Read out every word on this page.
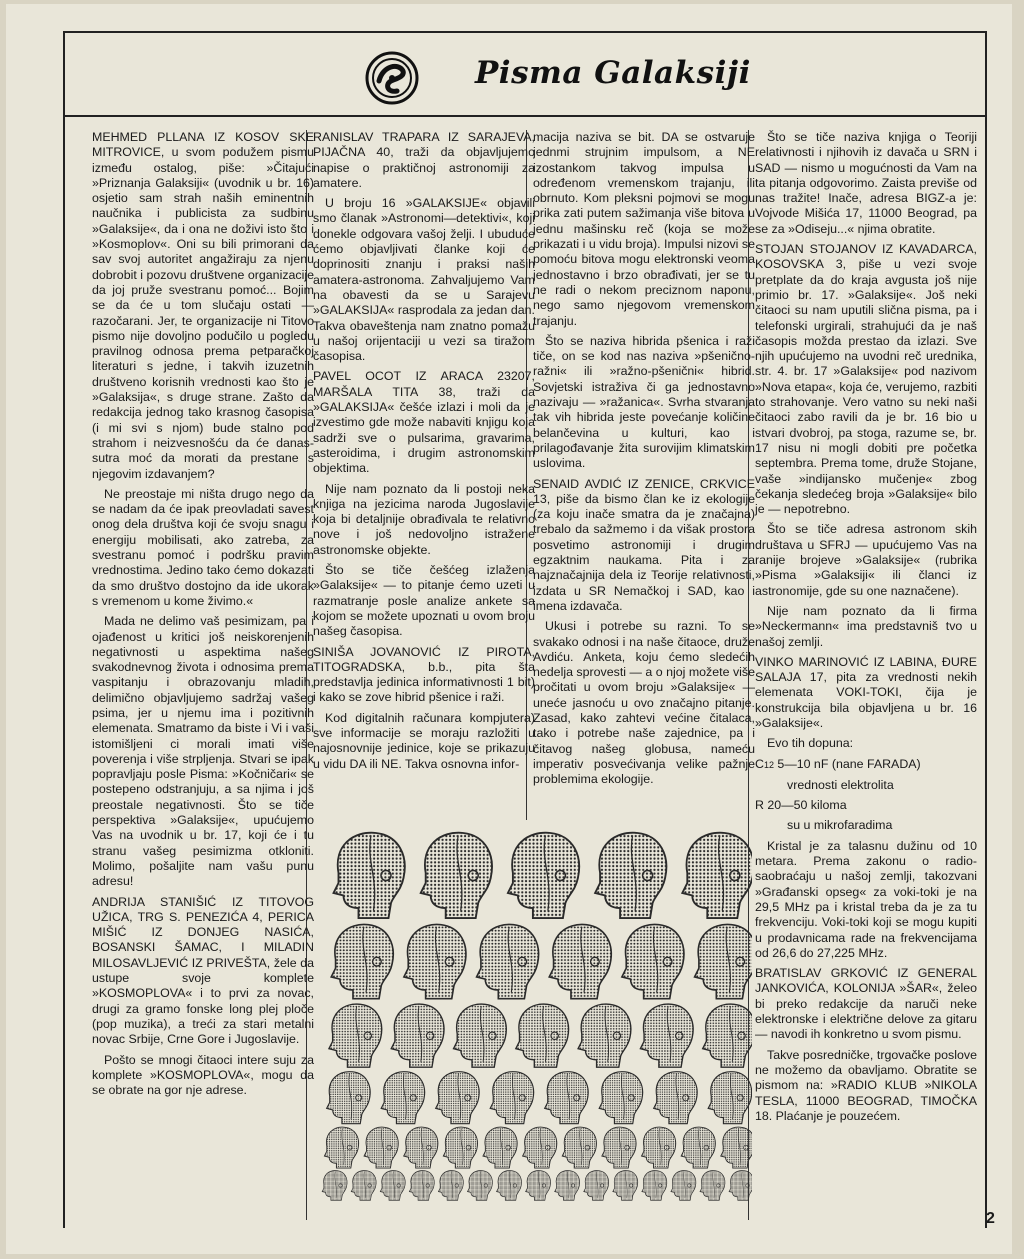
Pisma Galaksiji

MEHMED PLLANA IZ KOSOV SKE MITROVICE, u svom podužem pismu između ostalog, piše: »Čitajući »Priznanja Galaksiji« (uvodnik u br. 16) osjetio sam strah naših eminentnih naučnika i publicista za sudbinu »Galaksije«, da i ona ne doživi isto što i »Kosmoplov«. Oni su bili primorani da sav svoj autoritet angažiraju za njenu dobrobit i pozovu društvene organizacije da joj pruže svestranu pomoć... Bojim se da će u tom slučaju ostati — razočarani. Jer, te organizacije ni Titovo pismo nije dovoljno podučilo u pogledu pravilnog odnosa prema petparačkoj literaturi s jedne, i takvih izuzetnih društveno korisnih vrednosti kao što je »Galaksija«, s druge strane. Zašto da redakcija jednog tako krasnog časopisa (i mi svi s njom) bude stalno pod strahom i neizvesnošću da će danas-sutra moć da morati da prestane s njegovim izdavanjem?

Ne preostaje mi ništa drugo nego da se nadam da će ipak preovladati savest onog dela društva koji će svoju snagu i energiju mobilisati, ako zatreba, za svestranu pomoć i podršku pravim vrednostima. Jedino tako ćemo dokazati da smo društvo dostojno da ide ukorak s vremenom u kome živimo.«

Mada ne delimo vaš pesimizam, pa i ojađenost u kritici još neiskorenjenih negativnosti u aspektima našeg svakodnevnog života i odnosima prema vaspitanju i obrazovanju mladih, delimično objavljujemo sadržaj vašeg psima, jer u njemu ima i pozitivnih elemenata. Smatramo da biste i Vi i vaši istomišljeni ci morali imati više poverenja i više strpljenja. Stvari se ipak popravljaju posle Pisma: »Kočničari« se postepeno odstranjuju, a sa njima i još preostale negativnosti. Što se tiče perspektiva »Galaksije«, upućujemo Vas na uvodnik u br. 17, koji će i tu stranu vašeg pesimizma otkloniti. Molimo, pošaljite nam vašu punu adresu!

ANDRIJA STANIŠIĆ IZ TITOVOG UŽICA, TRG S. PENEZIĆA 4, PERICA MIŠIĆ IZ DONJEG NASIĆA, BOSANSKI ŠAMAC, I MILADIN MILOSAVLJEVIĆ IZ PRIVEŠTA, žele da ustupe svoje komplete »KOSMOPLOVA« i to prvi za novac, drugi za gramo fonske long plej ploče (pop muzika), a treći za stari metalni novac Srbije, Crne Gore i Jugoslavije.

Pošto se mnogi čitaoci intere suju za komplete »KOSMOPLOVA«, mogu da se obrate na gor nje adrese.

RANISLAV TRAPARA IZ SARAJEVA, PIJAČNA 40, traži da objavljujemo napise o praktičnoj astronomiji za amatere.

U broju 16 »GALAKSIJE« objavili smo članak »Astronomi—detektivi«, koji donekle odgovara vašoj želji. I ubuduće ćemo objavljivati članke koji će doprinositi znanju i praksi naših amatera-astronoma. Zahvaljujemo Vam na obavesti da se u Sarajevu »GALAKSIJA« rasprodala za jedan dan. Takva obaveštenja nam znatno pomažu u našoj orijentaciji u vezi sa tiražom časopisa.

PAVEL OCOT IZ ARACA 23207, MARŠALA TITA 38, traži da »GALAKSIJA« češće izlazi i moli da je izvestimo gde može nabaviti knjigu koja sadrži sve o pulsarima, gravarima, asteroidima, i drugim astronomskim objektima.

Nije nam poznato da li postoji neka knjiga na jezicima naroda Jugoslavije koja bi detaljnije obrađivala te relativno nove i još nedovoljno istražene astronomske objekte.

Što se tiče češćeg izlaženja »Galaksije« — to pitanje ćemo uzeti u razmatranje posle analize ankete sa kojom se možete upoznati u ovom broju našeg časopisa.

SINIŠA JOVANOVIĆ IZ PIROTA, TITOGRADSKA, b.b., pita šta predstavlja jedinica informativnosti 1 bit) i kako se zove hibrid pšenice i raži.

Kod digitalnih računara kompjutera) sve informacije se moraju razložiti u najosnovnije jedinice, koje se prikazuju u vidu DA ili NE. Takva osnovna infor-

macija naziva se bit. DA se ostvaruje jednmi strujnim impulsom, a NE izostankom takvog impulsa u određenom vremenskom trajanju, ili obrnuto. Kom pleksni pojmovi se mogu prika zati putem sažimanja više bitova u jednu mašinsku reč (koja se može prikazati i u vidu broja). Impulsi nizovi se pomoću bitova mogu elektronski veoma jednostavno i brzo obrađivati, jer se tu ne radi o nekom preciznom naponu, nego samo njegovom vremenskom trajanju.

Što se naziva hibrida pšenica i raži tiče, on se kod nas naziva »pšenično-ražni« ili »ražno-pšenični« hibrid. Sovjetski istraživa či ga jednostavno nazivaju — »ražanica«. Svrha stvaranja tak vih hibrida jeste povećanje količine belančevina u kulturi, kao i prilagođavanje žita surovijim klimatskim uslovima.

SENAID AVDIĆ IZ ZENICE, CRKVICE 13, piše da bismo član ke iz ekologije (za koju inače smatra da je značajna) trebalo da sažmemo i da višak prostora posvetimo astronomiji i drugim egzaktnim naukama. Pita i za najznačajnija dela iz Teorije relativnosti, izdata u SR Nemačkoj i SAD, kao i imena izdavača.

Ukusi i potrebe su razni. To se svakako odnosi i na naše čitaoce, druže Avdiću. Anketa, koju ćemo sledećih nedelja sprovesti — a o njoj možete više pročitati u ovom broju »Galaksije« — uneće jasnoću u ovo značajno pitanje. Zasad, kako zahtevi većine čitalaca, tako i potrebe naše zajednice, pa i čitavog našeg globusa, nameću imperativ posvećivanja velike pažnje problemima ekologije.

Što se tiče naziva knjiga o Teoriji relativnosti i njihovih iz davača u SRN i SAD — nismo u mogućnosti da Vam na ta pitanja odgovorimo. Zaista previše od nas tražite! Inače, adresa BIGZ-a je: Vojvode Mišića 17, 11000 Beograd, pa se za »Odiseju...« njima obratite.

STOJAN STOJANOV IZ KAVADARCA, KOSOVSKA 3, piše u vezi svoje pretplate da do kraja avgusta još nije primio br. 17. »Galaksije«. Još neki čitaoci su nam uputili slična pisma, pa i telefonski urgirali, strahujući da je naš časopis možda prestao da izlazi. Sve njih upućujemo na uvodni reč urednika, str. 4. br. 17 »Galaksije« pod nazivom »Nova etapa«, koja će, verujemo, razbiti to strahovanje. Vero vatno su neki naši čitaoci zabo ravili da je br. 16 bio u stvari dvobroj, pa stoga, razume se, br. 17 nisu ni mogli dobiti pre početka septembra. Prema tome, druže Stojane, vaše »indijansko mučenje« zbog čekanja sledećeg broja »Galaksije« bilo je — nepotrebno.

Što se tiče adresa astronom skih društava u SFRJ — upućujemo Vas na ranije brojeve »Galaksije« (rubrika »Pisma »Galaksiji« ili članci iz astronomije, gde su one naznačene).

Nije nam poznato da li firma »Neckermann« ima predstavniš tvo u našoj zemlji.

VINKO MARINOVIĆ IZ LABINA, ĐURE SALAJA 17, pita za vrednosti nekih elemenata VOKI-TOKI, čija je konstrukcija bila objavljena u br. 16 »Galaksije«.

Evo tih dopuna:

C12 5—10 nF (nane FARADA)

vrednosti elektrolita

R 20—50 kiloma

su u mikrofaradima

Kristal je za talasnu dužinu od 10 metara. Prema zakonu o radio-saobraćaju u našoj zemlji, takozvani »Građanski opseg« za voki-toki je na 29,5 MHz pa i kristal treba da je za tu frekvenciju. Voki-toki koji se mogu kupiti u prodavnicama rade na frekvencijama od 26,6 do 27,225 MHz.

BRATISLAV GRKOVIĆ IZ GENERAL JANKOVIĆA, KOLONIJA »ŠAR«, želeo bi preko redakcije da naruči neke elektronske i električne delove za gitaru — navodi ih konkretno u svom pismu.

Takve posredničke, trgovačke poslove ne možemo da obavljamo. Obratite se pismom na: »RADIO KLUB »NIKOLA TESLA, 11000 BEOGRAD, TIMOČKA 18. Plaćanje je pouzećem.

2
